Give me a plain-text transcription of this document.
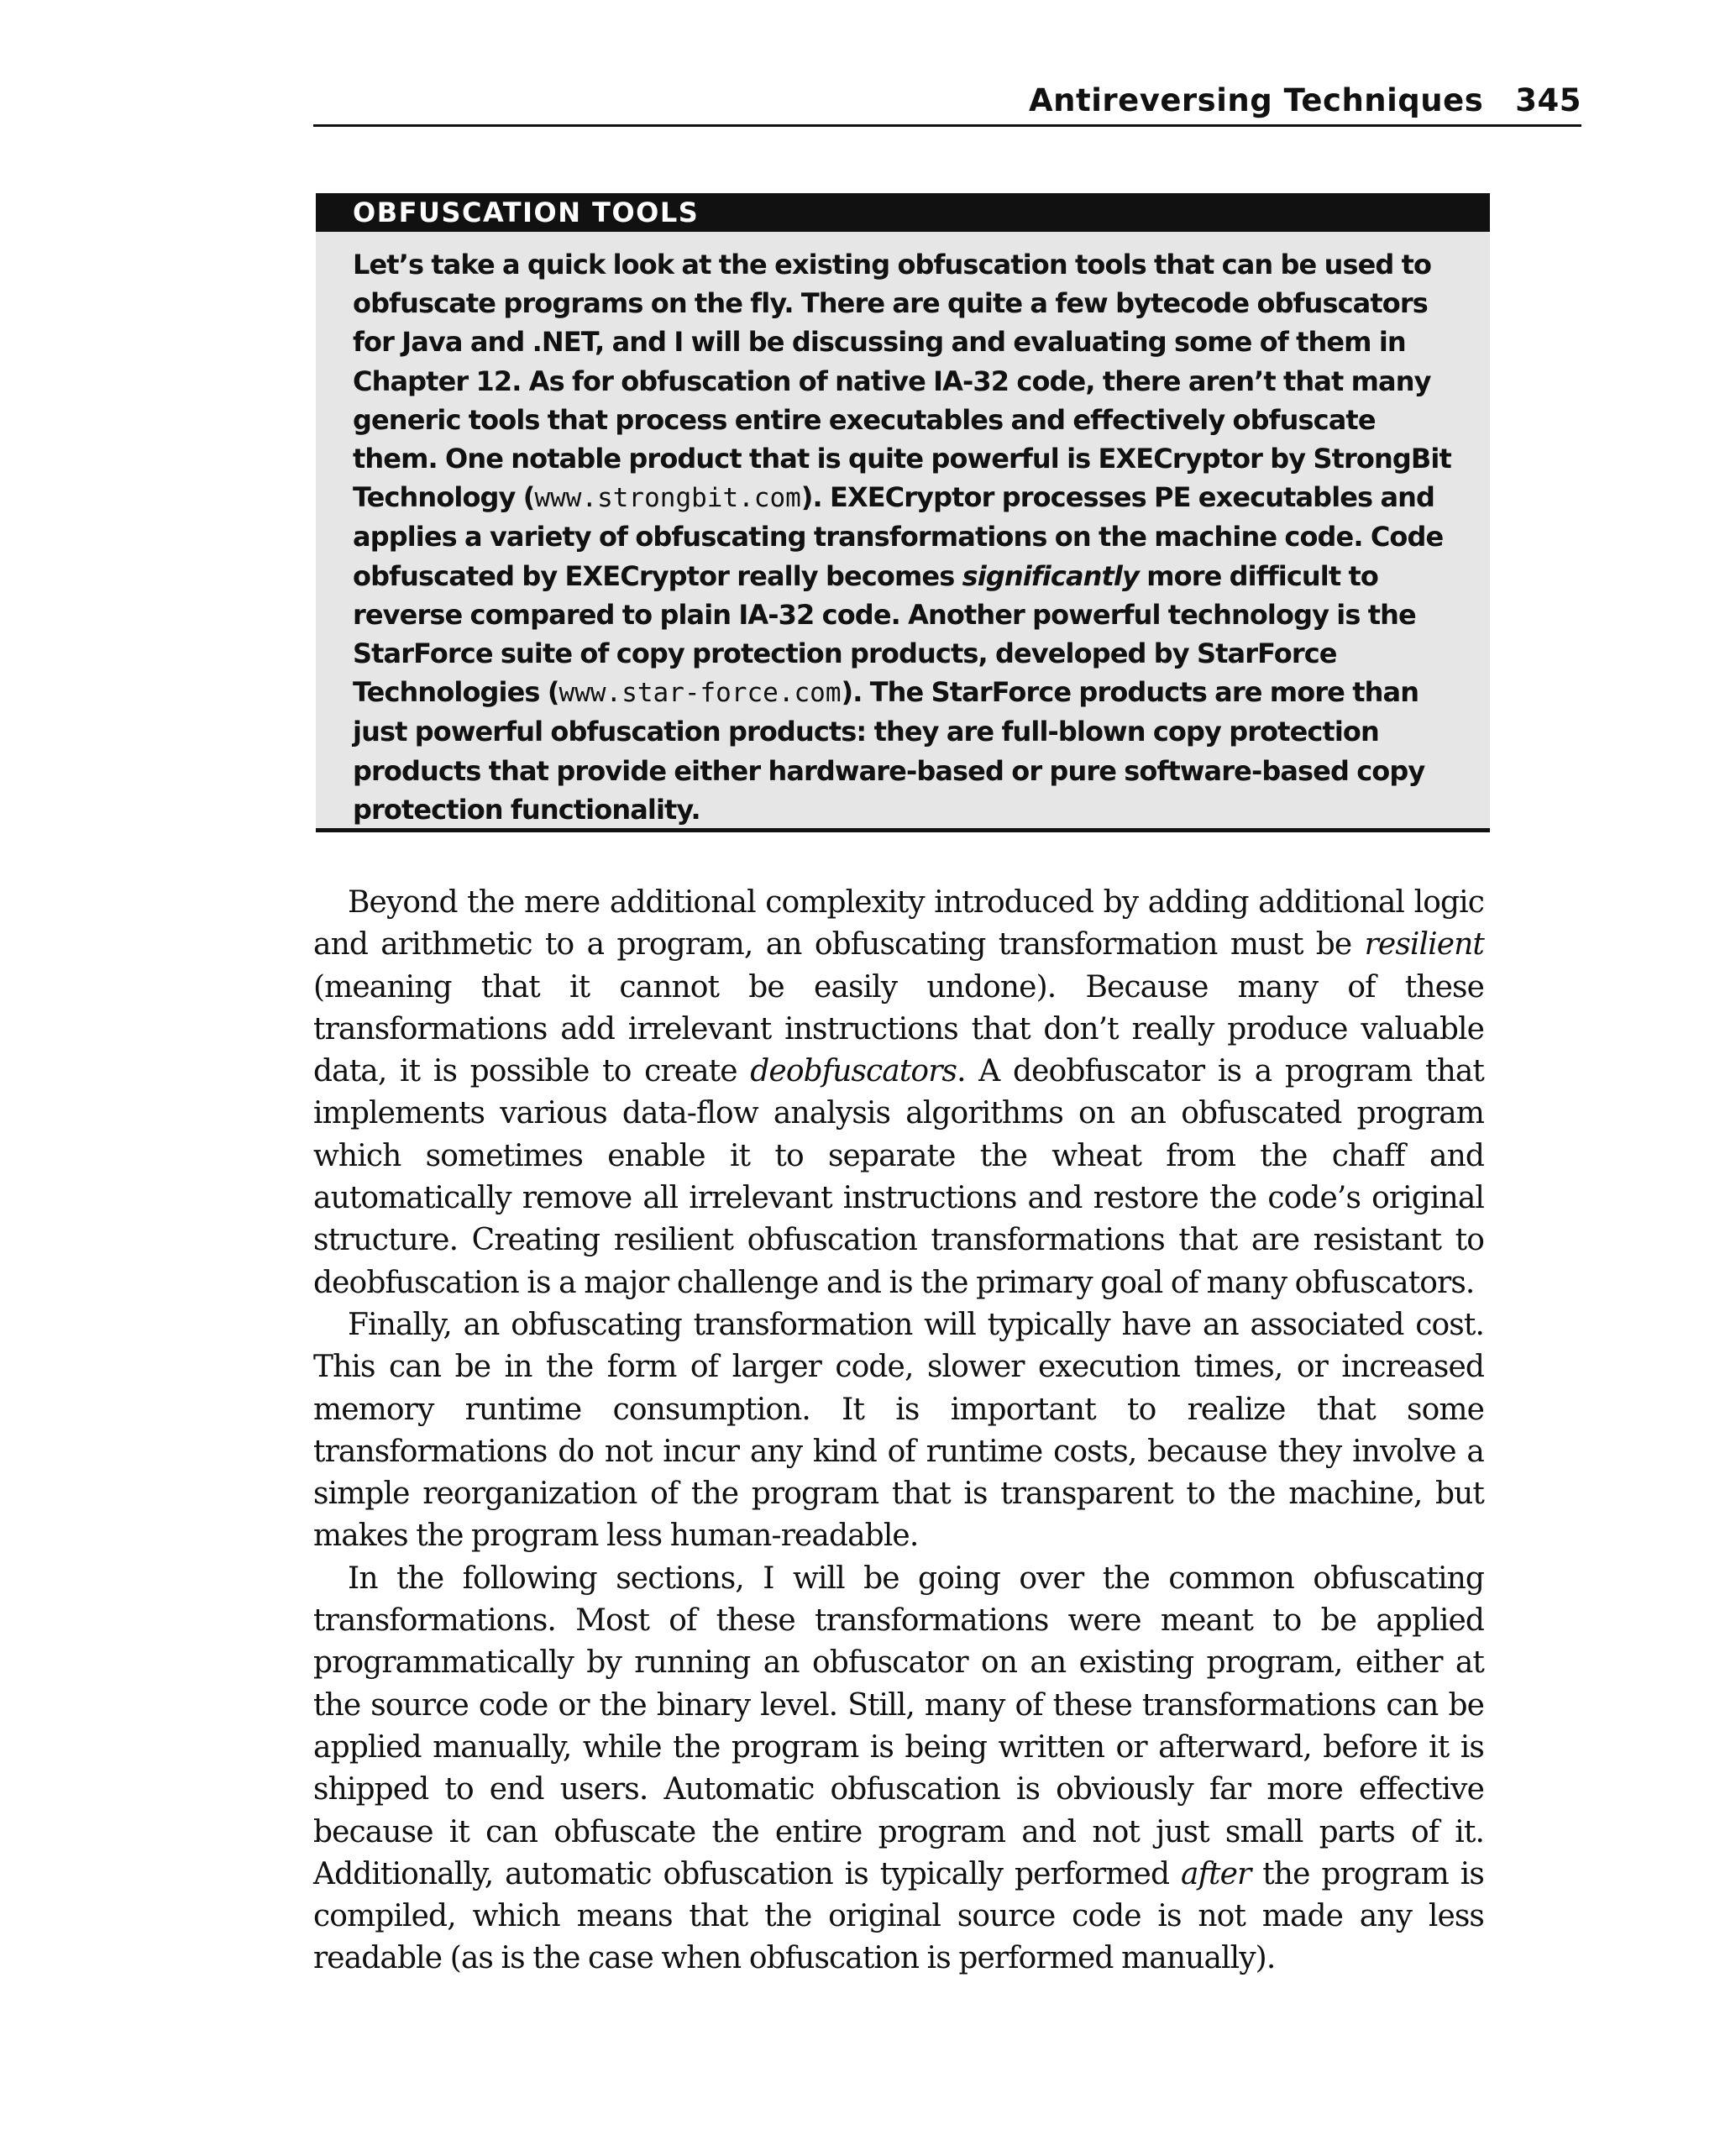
Antireversing Techniques 345
OBFUSCATION TOOLS
Let’s take a quick look at the existing obfuscation tools that can be used to obfuscate programs on the fly. There are quite a few bytecode obfuscators for Java and .NET, and I will be discussing and evaluating some of them in Chapter 12. As for obfuscation of native IA-32 code, there aren’t that many generic tools that process entire executables and effectively obfuscate them. One notable product that is quite powerful is EXECryptor by StrongBit Technology (www.strongbit.com). EXECryptor processes PE executables and applies a variety of obfuscating transformations on the machine code. Code obfuscated by EXECryptor really becomes significantly more difficult to reverse compared to plain IA-32 code. Another powerful technology is the StarForce suite of copy protection products, developed by StarForce Technologies (www.star-force.com). The StarForce products are more than just powerful obfuscation products: they are full-blown copy protection products that provide either hardware-based or pure software-based copy protection functionality.

Beyond the mere additional complexity introduced by adding additional logic and arithmetic to a program, an obfuscating transformation must be resilient (meaning that it cannot be easily undone). Because many of these transformations add irrelevant instructions that don’t really produce valuable data, it is possible to create deobfuscators. A deobfuscator is a program that implements various data-flow analysis algorithms on an obfuscated program which sometimes enable it to separate the wheat from the chaff and automatically remove all irrelevant instructions and restore the code’s original structure. Creating resilient obfuscation transformations that are resistant to deobfuscation is a major challenge and is the primary goal of many obfuscators.

Finally, an obfuscating transformation will typically have an associated cost. This can be in the form of larger code, slower execution times, or increased memory runtime consumption. It is important to realize that some transformations do not incur any kind of runtime costs, because they involve a simple reorganization of the program that is transparent to the machine, but makes the program less human-readable.

In the following sections, I will be going over the common obfuscating transformations. Most of these transformations were meant to be applied programmatically by running an obfuscator on an existing program, either at the source code or the binary level. Still, many of these transformations can be applied manually, while the program is being written or afterward, before it is shipped to end users. Automatic obfuscation is obviously far more effective because it can obfuscate the entire program and not just small parts of it. Additionally, automatic obfuscation is typically performed after the program is compiled, which means that the original source code is not made any less readable (as is the case when obfuscation is performed manually).
